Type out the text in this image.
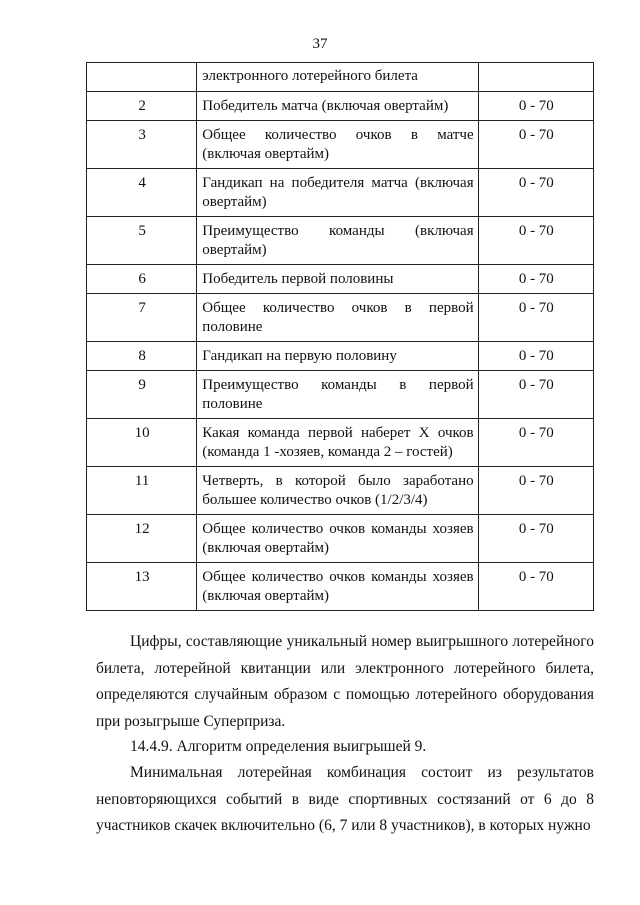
37
	электронного лотерейного билета	
2	Победитель матча (включая овертайм)	0 - 70
3	Общее количество очков в матче (включая овертайм)	0 - 70
4	Гандикап на победителя матча (включая овертайм)	0 - 70
5	Преимущество команды (включая овертайм)	0 - 70
6	Победитель первой половины	0 - 70
7	Общее количество очков в первой половине	0 - 70
8	Гандикап на первую половину	0 - 70
9	Преимущество команды в первой половине	0 - 70
10	Какая команда первой наберет X очков (команда 1 -хозяев, команда 2 – гостей)	0 - 70
11	Четверть, в которой было заработано большее количество очков (1/2/3/4)	0 - 70
12	Общее количество очков команды хозяев (включая овертайм)	0 - 70
13	Общее количество очков команды хозяев (включая овертайм)	0 - 70

Цифры, составляющие уникальный номер выигрышного лотерейного билета, лотерейной квитанции или электронного лотерейного билета, определяются случайным образом с помощью лотерейного оборудования при розыгрыше Суперприза.

14.4.9. Алгоритм определения выигрышей 9.

Минимальная лотерейная комбинация состоит из результатов неповторяющихся событий в виде спортивных состязаний от 6 до 8 участников скачек включительно (6, 7 или 8 участников), в которых нужно
